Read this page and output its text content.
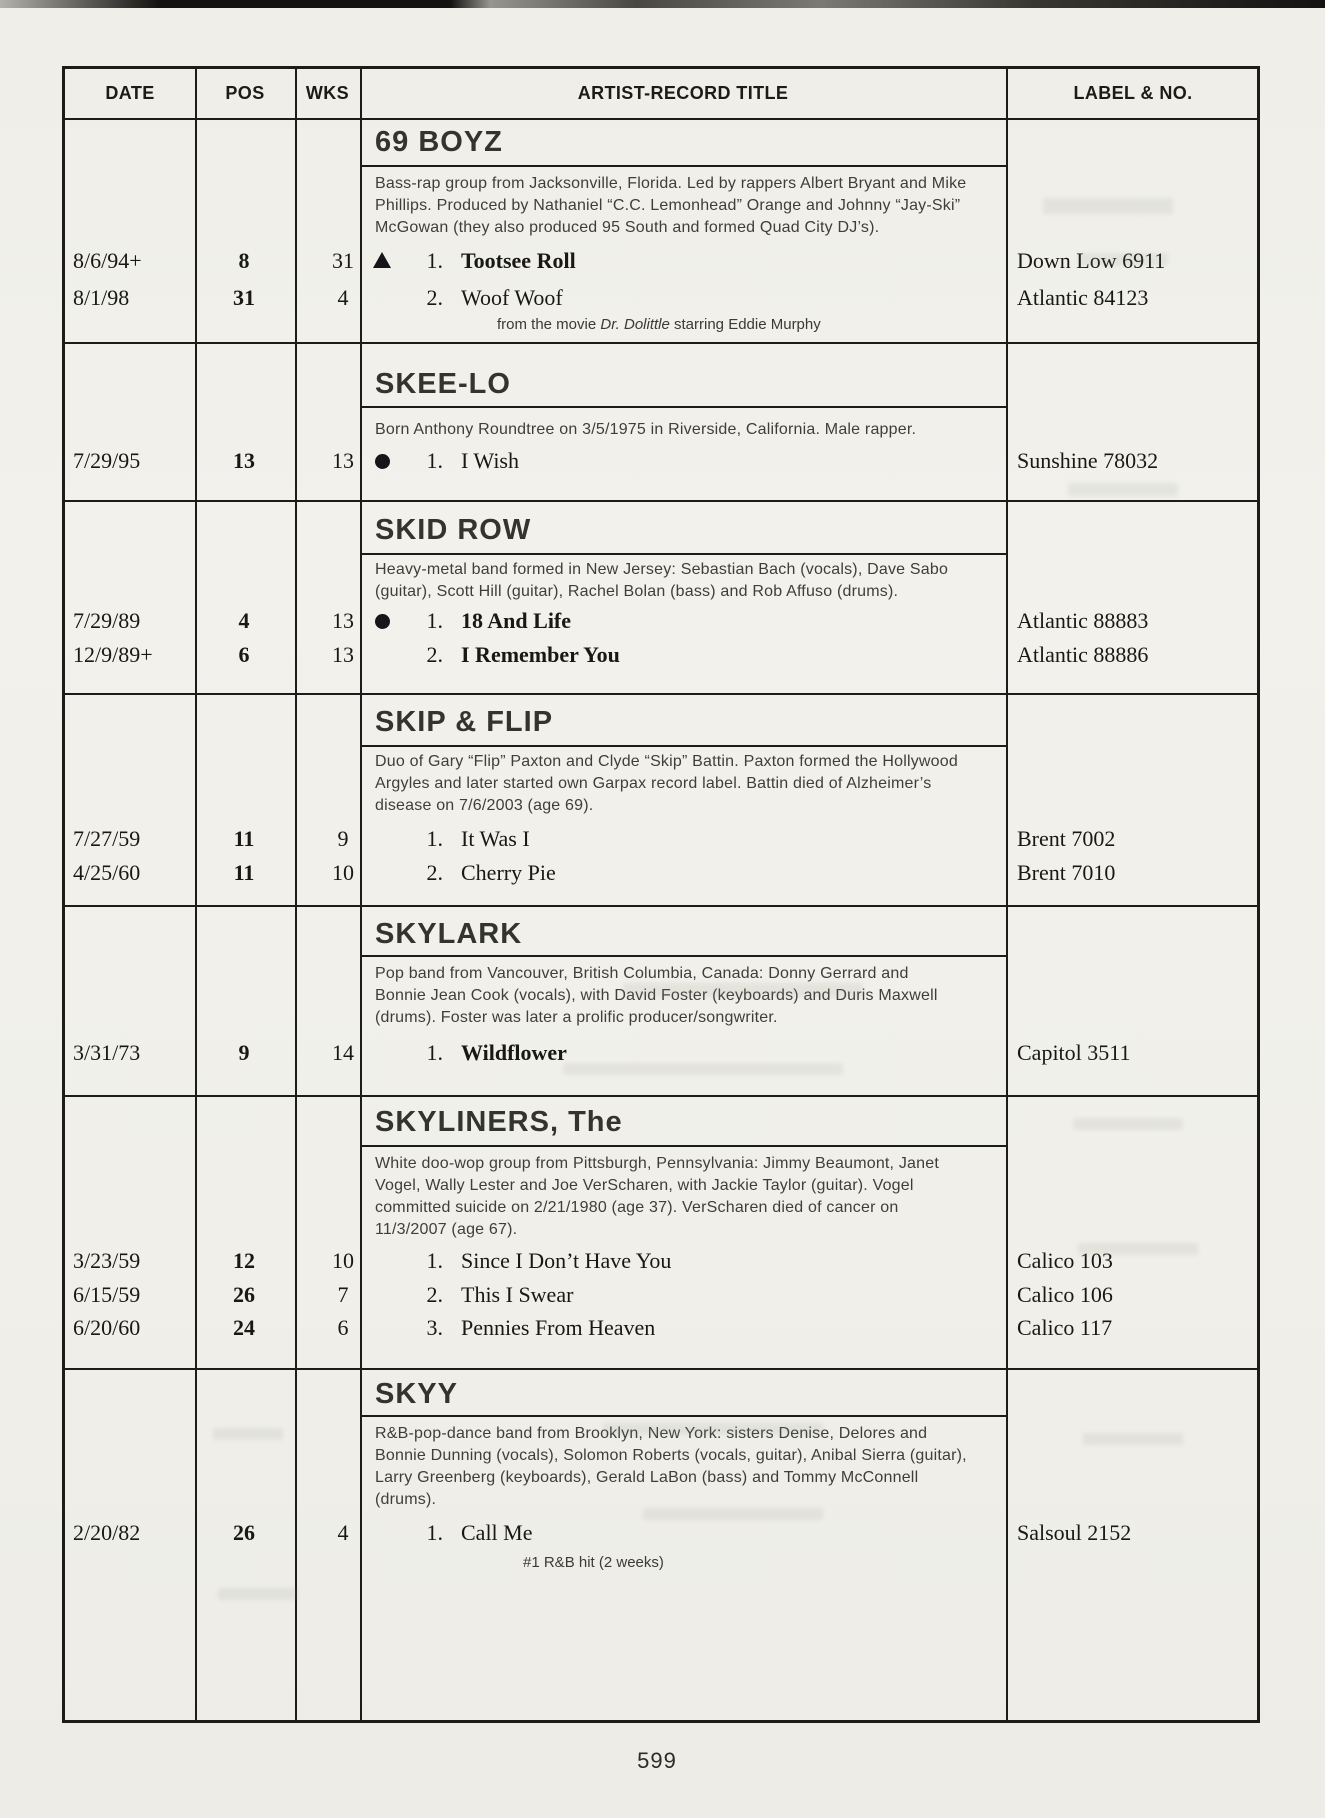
DATE	POS	WKS	ARTIST-RECORD TITLE	LABEL & NO.
69 BOYZ
Bass-rap group from Jacksonville, Florida. Led by rappers Albert Bryant and Mike
Phillips. Produced by Nathaniel “C.C. Lemonhead” Orange and Johnny “Jay-Ski”
McGowan (they also produced 95 South and formed Quad City DJ’s).
8/6/94+	8	31	1. Tootsee Roll	Down Low 6911
8/1/98	31	4	2. Woof Woof	Atlantic 84123
from the movie Dr. Dolittle starring Eddie Murphy
SKEE-LO
Born Anthony Roundtree on 3/5/1975 in Riverside, California. Male rapper.
7/29/95	13	13	1. I Wish	Sunshine 78032
SKID ROW
Heavy-metal band formed in New Jersey: Sebastian Bach (vocals), Dave Sabo
(guitar), Scott Hill (guitar), Rachel Bolan (bass) and Rob Affuso (drums).
7/29/89	4	13	1. 18 And Life	Atlantic 88883
12/9/89+	6	13	2. I Remember You	Atlantic 88886
SKIP & FLIP
Duo of Gary “Flip” Paxton and Clyde “Skip” Battin. Paxton formed the Hollywood
Argyles and later started own Garpax record label. Battin died of Alzheimer’s
disease on 7/6/2003 (age 69).
7/27/59	11	9	1. It Was I	Brent 7002
4/25/60	11	10	2. Cherry Pie	Brent 7010
SKYLARK
Pop band from Vancouver, British Columbia, Canada: Donny Gerrard and
Bonnie Jean Cook (vocals), with David Foster (keyboards) and Duris Maxwell
(drums). Foster was later a prolific producer/songwriter.
3/31/73	9	14	1. Wildflower	Capitol 3511
SKYLINERS, The
White doo-wop group from Pittsburgh, Pennsylvania: Jimmy Beaumont, Janet
Vogel, Wally Lester and Joe VerScharen, with Jackie Taylor (guitar). Vogel
committed suicide on 2/21/1980 (age 37). VerScharen died of cancer on
11/3/2007 (age 67).
3/23/59	12	10	1. Since I Don’t Have You	Calico 103
6/15/59	26	7	2. This I Swear	Calico 106
6/20/60	24	6	3. Pennies From Heaven	Calico 117
SKYY
R&B-pop-dance band from Brooklyn, New York: sisters Denise, Delores and
Bonnie Dunning (vocals), Solomon Roberts (vocals, guitar), Anibal Sierra (guitar),
Larry Greenberg (keyboards), Gerald LaBon (bass) and Tommy McConnell
(drums).
2/20/82	26	4	1. Call Me	Salsoul 2152
#1 R&B hit (2 weeks)
599
